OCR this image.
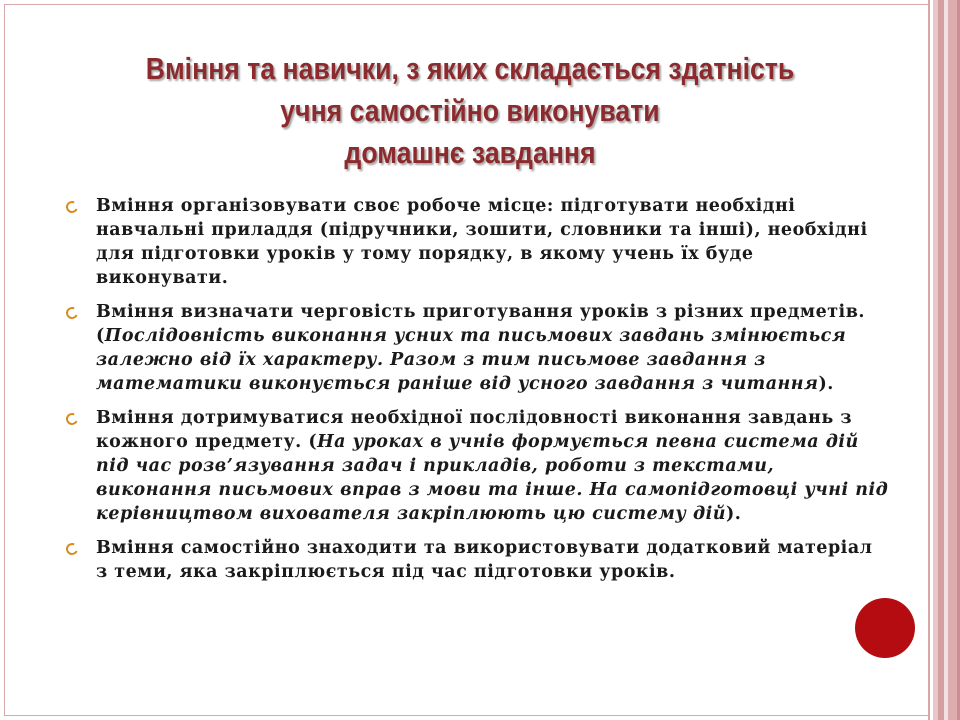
Вміння та навички, з яких складається здатність
учня самостійно виконувати
домашнє завдання
Вміння організовувати своє робоче місце: підготувати необхідні навчальні приладдя (підручники, зошити, словники та інші), необхідні для підготовки уроків у тому порядку, в якому учень їх буде виконувати.
Вміння визначати черговість приготування уроків з різних предметів. (Послідовність виконання усних та письмових завдань змінюється залежно від їх характеру. Разом з тим письмове завдання з математики виконується раніше від усного завдання з читання).
Вміння дотримуватися необхідної послідовності виконання завдань з кожного предмету. (На уроках в учнів формується певна система дій під час розв’язування задач і прикладів, роботи з текстами, виконання письмових вправ з мови та інше. На самопідготовці учні під керівництвом вихователя закріплюють цю систему дій).
Вміння самостійно знаходити та використовувати додатковий матеріал з теми, яка закріплюється під час підготовки уроків.
